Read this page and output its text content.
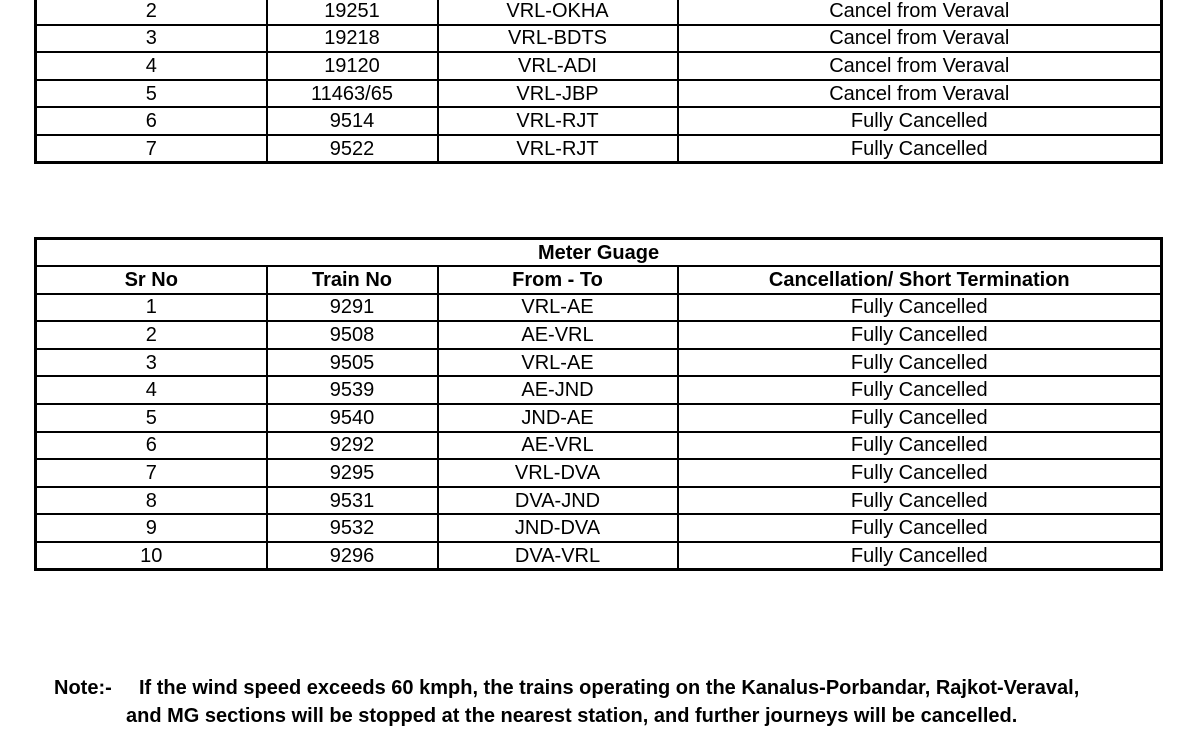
2	19251	VRL-OKHA	Cancel from Veraval
3	19218	VRL-BDTS	Cancel from Veraval
4	19120	VRL-ADI	Cancel from Veraval
5	11463/65	VRL-JBP	Cancel from Veraval
6	9514	VRL-RJT	Fully Cancelled
7	9522	VRL-RJT	Fully Cancelled
Meter Guage			
Sr No	Train No	From - To	Cancellation/ Short Termination
1	9291	VRL-AE	Fully Cancelled
2	9508	AE-VRL	Fully Cancelled
3	9505	VRL-AE	Fully Cancelled
4	9539	AE-JND	Fully Cancelled
5	9540	JND-AE	Fully Cancelled
6	9292	AE-VRL	Fully Cancelled
7	9295	VRL-DVA	Fully Cancelled
8	9531	DVA-JND	Fully Cancelled
9	9532	JND-DVA	Fully Cancelled
10	9296	DVA-VRL	Fully Cancelled
Note:- If the wind speed exceeds 60 kmph, the trains operating on the Kanalus-Porbandar, Rajkot-Veraval,
and MG sections will be stopped at the nearest station, and further journeys will be cancelled.
